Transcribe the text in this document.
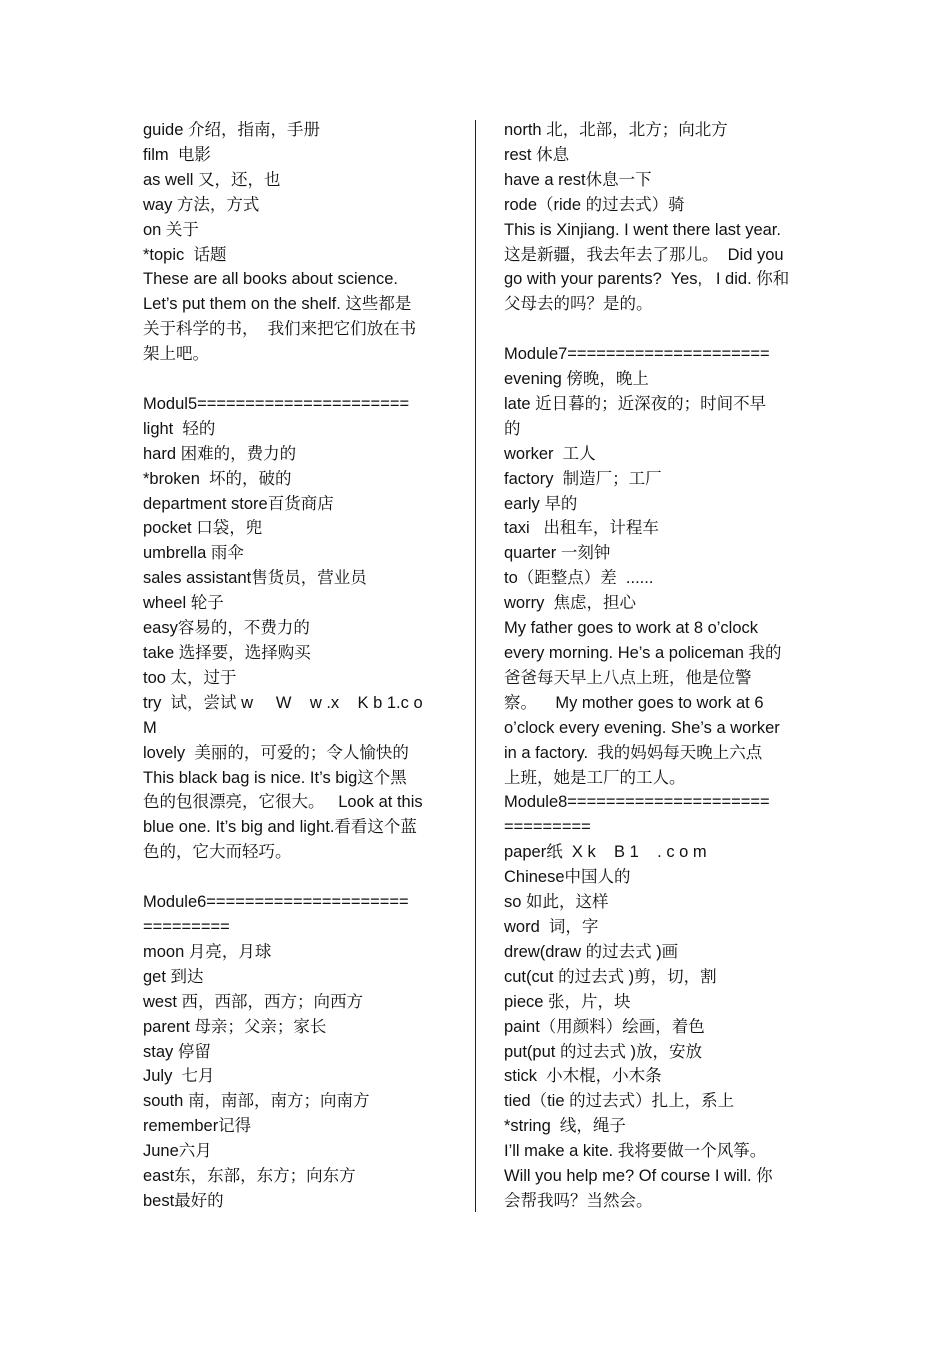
guide 介绍，指南，手册
film  电影
as well 又，还，也
way 方法，方式
on 关于
*topic  话题
These are all books about science.
Let’s put them on the shelf. 这些都是
关于科学的书，  我们来把它们放在书
架上吧。
Modul5======================
light  轻的
hard 困难的，费力的
*broken  坏的，破的
department store百货商店
pocket 口袋，兜
umbrella 雨伞
sales assistant售货员，营业员
wheel 轮子
easy容易的，不费力的
take 选择要，选择购买
too 太，过于
try  试，尝试 w     W    w .x    K b 1.c o
M
lovely  美丽的，可爱的；令人愉快的
This black bag is nice. It’s big这个黑
色的包很漂亮，它很大。   Look at this
blue one. It’s big and light.看看这个蓝
色的，它大而轻巧。
Module6=====================
=========
moon 月亮，月球
get 到达
west 西，西部，西方；向西方
parent 母亲；父亲；家长
stay 停留
July  七月
south 南，南部，南方；向南方
remember记得
June六月
east东，东部，东方；向东方
best最好的
north 北，北部，北方；向北方
rest 休息
have a rest休息一下
rode（ride 的过去式）骑
This is Xinjiang. I went there last year.
这是新疆，我去年去了那儿。  Did you
go with your parents?  Yes,   I did. 你和
父母去的吗？是的。
Module7=====================
evening 傍晚，晚上
late 近日暮的；近深夜的；时间不早
的
worker  工人
factory  制造厂；工厂
early 早的
taxi   出租车，计程车
quarter 一刻钟
to（距整点）差  ......
worry  焦虑，担心
My father goes to work at 8 o’clock
every morning. He’s a policeman 我的
爸爸每天早上八点上班，他是位警
察。    My mother goes to work at 6
o’clock every evening. She’s a worker
in a factory.  我的妈妈每天晚上六点
上班，她是工厂的工人。
Module8=====================
=========
paper纸  X k    B 1    . c o m
Chinese中国人的
so 如此，这样
word  词，字
drew(draw 的过去式 )画
cut(cut 的过去式 )剪，切，割
piece 张，片，块
paint（用颜料）绘画，着色
put(put 的过去式 )放，安放
stick  小木棍，小木条
tied（tie 的过去式）扎上，系上
*string  线，绳子
I’ll make a kite. 我将要做一个风筝。
Will you help me? Of course I will. 你
会帮我吗？当然会。
